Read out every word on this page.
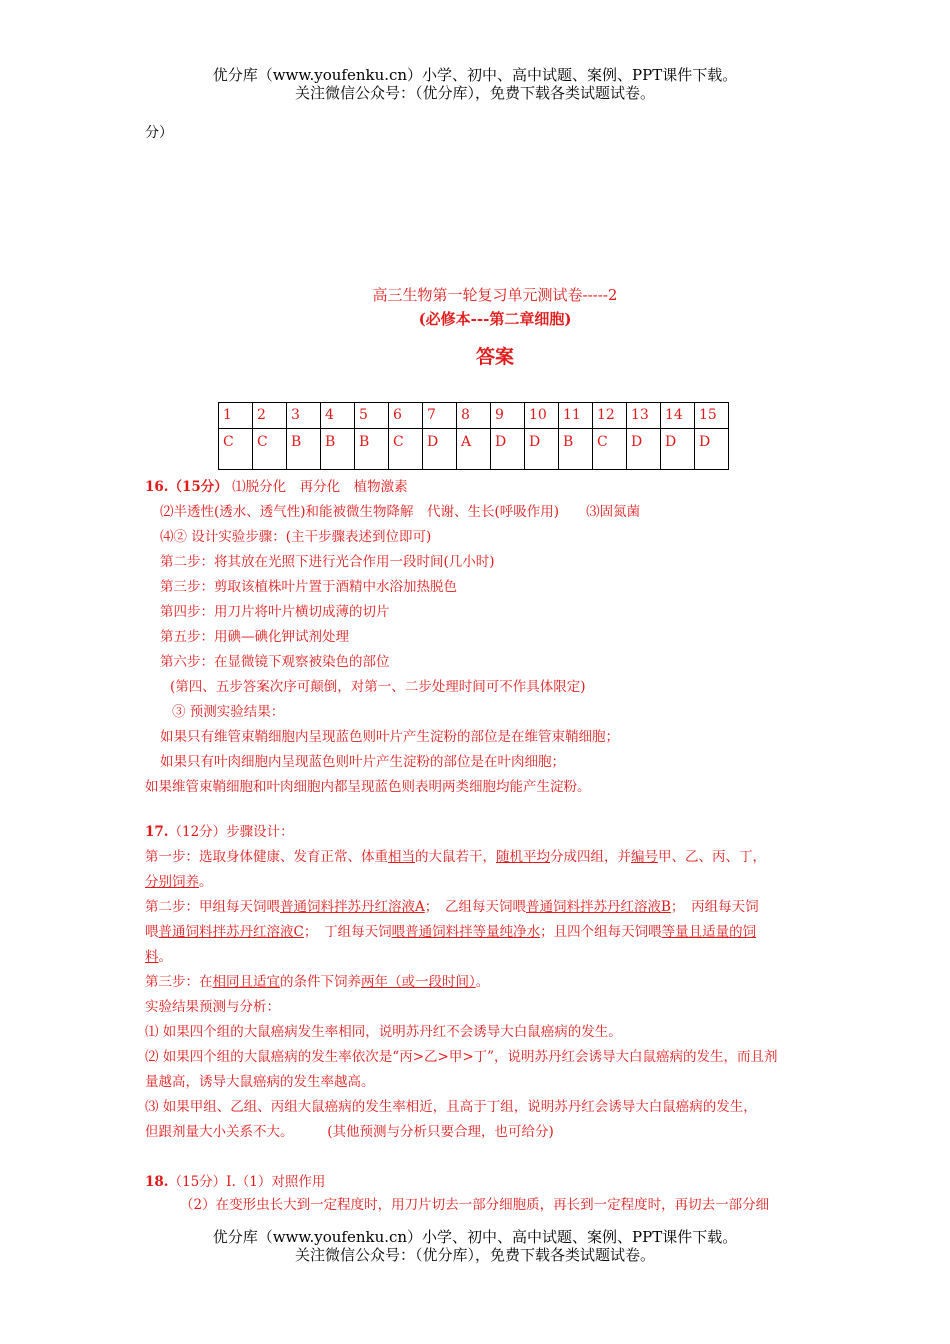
优分库（www.youfenku.cn）小学、初中、高中试题、案例、PPT课件下载。
关注微信公众号：（优分库），免费下载各类试题试卷。
分）
高三生物第一轮复习单元测试卷-----2
(必修本---第二章细胞)
答案
1	2	3	4	5	6	7	8	9	10	11	12	13	14	15
C	C	B	B	B	C	D	A	D	D	B	C	D	D	D
16.（15分） ⑴脱分化　再分化　植物激素
⑵半透性(透水、透气性)和能被微生物降解　代谢、生长(呼吸作用)　　⑶固氮菌
⑷② 设计实验步骤：(主干步骤表述到位即可)
第二步：将其放在光照下进行光合作用一段时间(几小时)
第三步：剪取该植株叶片置于酒精中水浴加热脱色
第四步：用刀片将叶片横切成薄的切片
第五步：用碘—碘化钾试剂处理
第六步：在显微镜下观察被染色的部位
(第四、五步答案次序可颠倒，对第一、二步处理时间可不作具体限定)
③ 预测实验结果：
如果只有维管束鞘细胞内呈现蓝色则叶片产生淀粉的部位是在维管束鞘细胞；
如果只有叶肉细胞内呈现蓝色则叶片产生淀粉的部位是在叶肉细胞；
如果维管束鞘细胞和叶肉细胞内都呈现蓝色则表明两类细胞均能产生淀粉。
17.（12分）步骤设计：
第一步：选取身体健康、发育正常、体重相当的大鼠若干，随机平均分成四组，并编号甲、乙、丙、丁，
分别饲养。
第二步：甲组每天饲喂普通饲料拌苏丹红溶液A；　乙组每天饲喂普通饲料拌苏丹红溶液B；　丙组每天饲
喂普通饲料拌苏丹红溶液C；　丁组每天饲喂普通饲料拌等量纯净水；且四个组每天饲喂等量且适量的饲
料。
第三步：在相同且适宜的条件下饲养两年（或一段时间）。
实验结果预测与分析：
⑴ 如果四个组的大鼠癌病发生率相同，说明苏丹红不会诱导大白鼠癌病的发生。
⑵ 如果四个组的大鼠癌病的发生率依次是“丙>乙>甲>丁”，说明苏丹红会诱导大白鼠癌病的发生，而且剂
量越高，诱导大鼠癌病的发生率越高。
⑶ 如果甲组、乙组、丙组大鼠癌病的发生率相近，且高于丁组，说明苏丹红会诱导大白鼠癌病的发生，
但跟剂量大小关系不大。　　　(其他预测与分析只要合理，也可给分)
18.（15分）Ⅰ.（1）对照作用
（2）在变形虫长大到一定程度时，用刀片切去一部分细胞质，再长到一定程度时，再切去一部分细
优分库（www.youfenku.cn）小学、初中、高中试题、案例、PPT课件下载。
关注微信公众号：（优分库），免费下载各类试题试卷。
